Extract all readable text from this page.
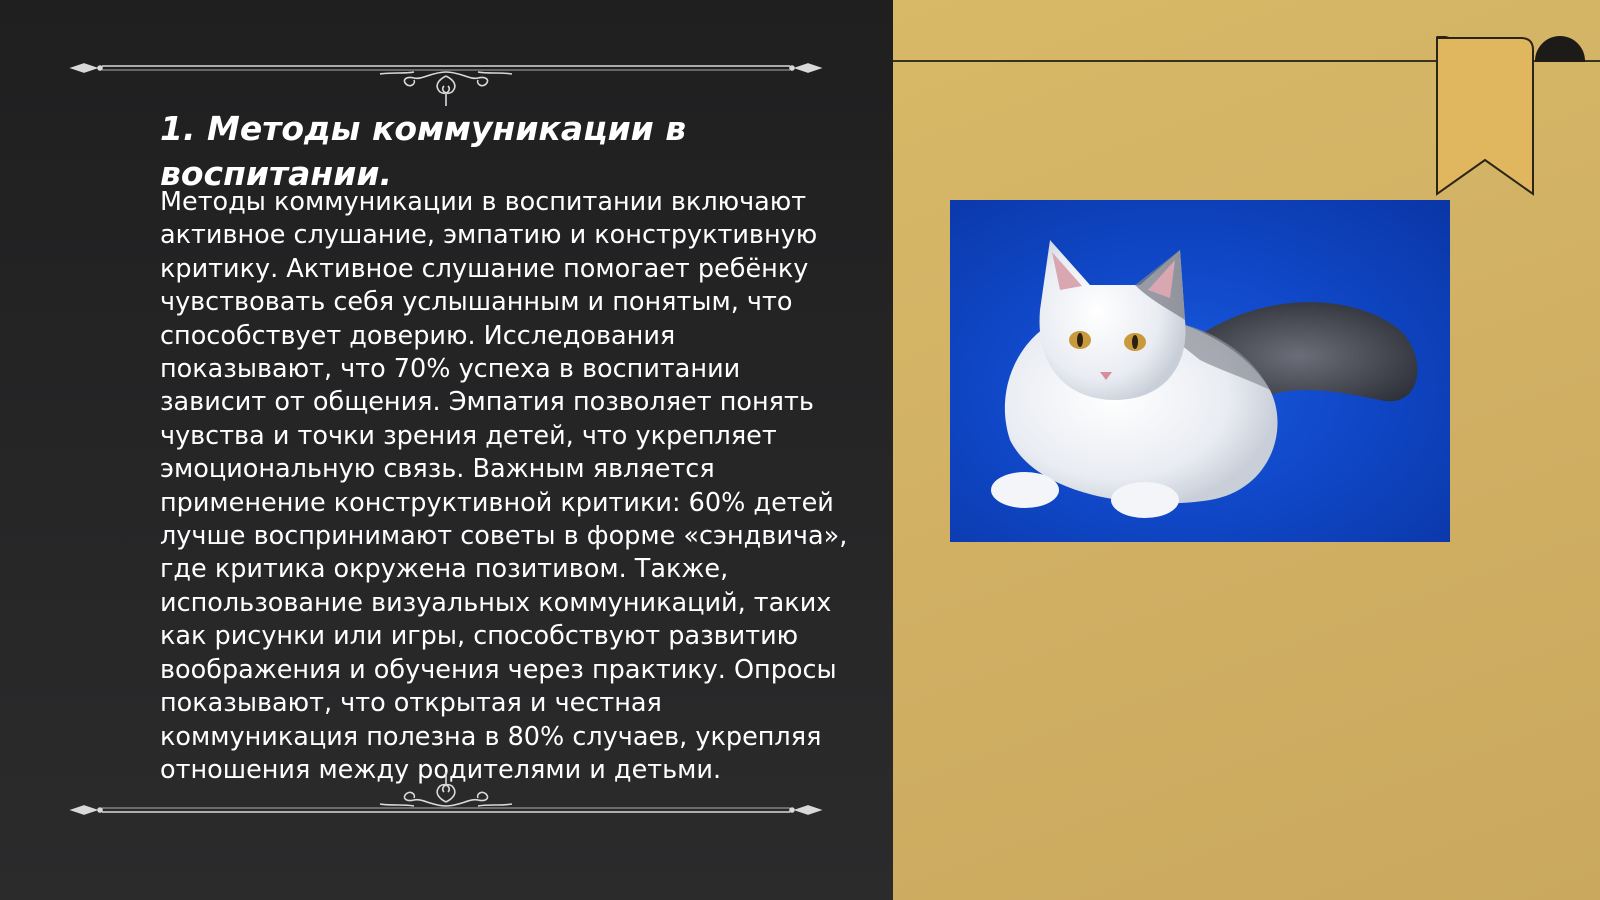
1. Методы коммуникации в воспитании.

Методы коммуникации в воспитании включают активное слушание, эмпатию и конструктивную критику. Активное слушание помогает ребёнку чувствовать себя услышанным и понятым, что способствует доверию. Исследования показывают, что 70% успеха в воспитании зависит от общения. Эмпатия позволяет понять чувства и точки зрения детей, что укрепляет эмоциональную связь. Важным является применение конструктивной критики: 60% детей лучше воспринимают советы в форме «сэндвича», где критика окружена позитивом. Также, использование визуальных коммуникаций, таких как рисунки или игры, способствуют развитию воображения и обучения через практику. Опросы показывают, что открытая и честная коммуникация полезна в 80% случаев, укрепляя отношения между родителями и детьми.
